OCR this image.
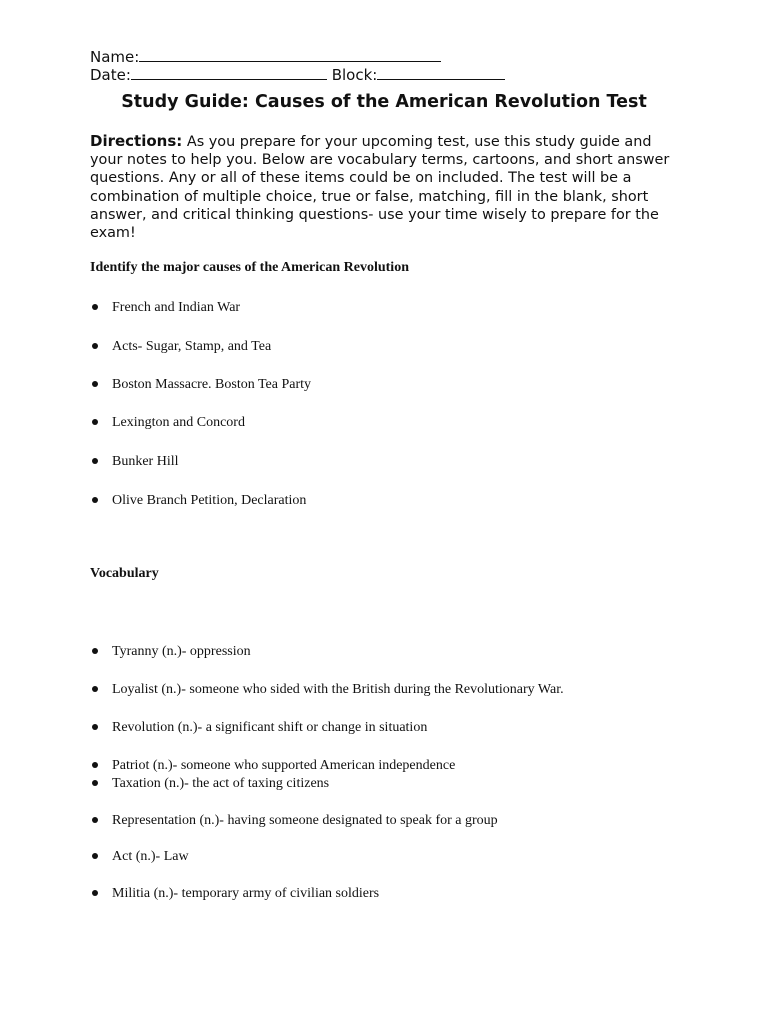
Name:
Date:	Block:
Study Guide: Causes of the American Revolution Test
Directions: As you prepare for your upcoming test, use this study guide and your notes to help you. Below are vocabulary terms, cartoons, and short answer questions. Any or all of these items could be on included. The test will be a combination of multiple choice, true or false, matching, fill in the blank, short answer, and critical thinking questions- use your time wisely to prepare for the exam!
Identify the major causes of the American Revolution
French and Indian War
Acts- Sugar, Stamp, and Tea
Boston Massacre. Boston Tea Party
Lexington and Concord
Bunker Hill
Olive Branch Petition, Declaration
Vocabulary
Tyranny (n.)- oppression
Loyalist (n.)- someone who sided with the British during the Revolutionary War.
Revolution (n.)- a significant shift or change in situation
Patriot (n.)- someone who supported American independence
Taxation (n.)- the act of taxing citizens
Representation (n.)- having someone designated to speak for a group
Act (n.)- Law
Militia (n.)- temporary army of civilian soldiers
